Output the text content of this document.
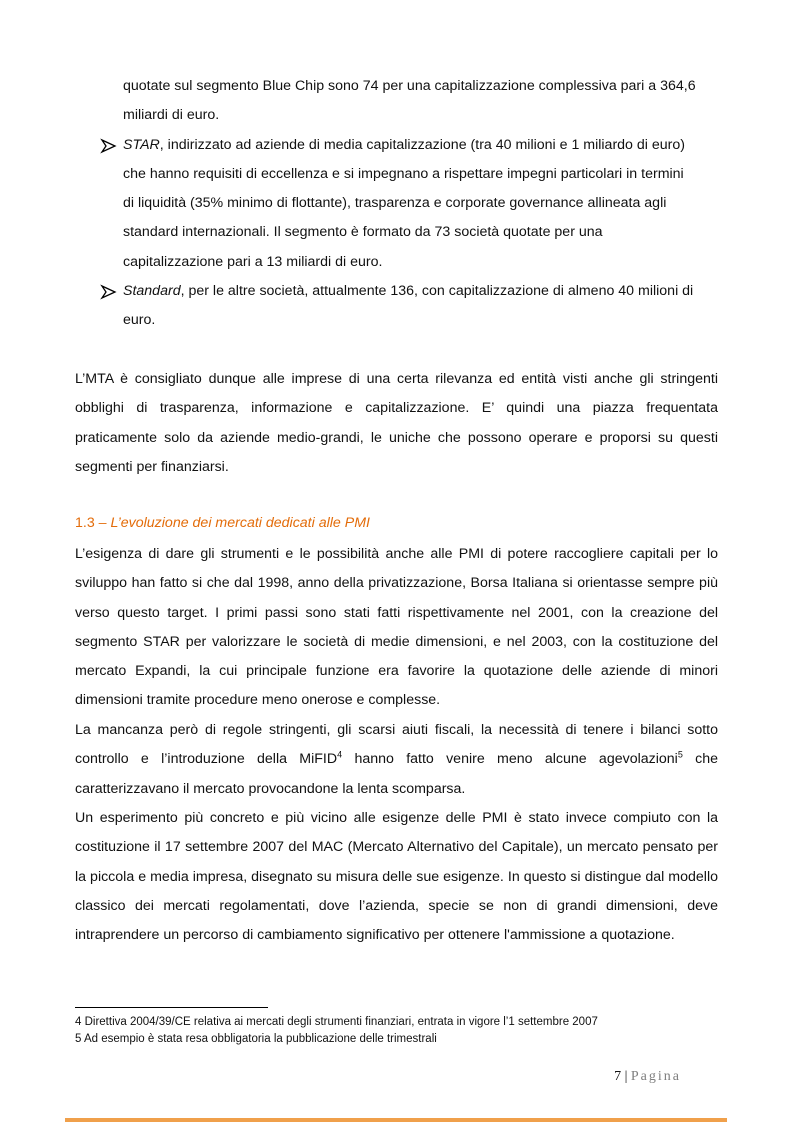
quotate sul segmento Blue Chip sono 74 per una capitalizzazione complessiva pari a 364,6
miliardi di euro.
STAR, indirizzato ad aziende di media capitalizzazione (tra 40 milioni e 1 miliardo di euro)
che hanno requisiti di eccellenza e si impegnano a rispettare impegni particolari in termini
di liquidità (35% minimo di flottante), trasparenza e corporate governance allineata agli
standard internazionali. Il segmento è formato da 73 società quotate per una
capitalizzazione pari a 13 miliardi di euro.
Standard, per le altre società, attualmente 136, con capitalizzazione di almeno 40 milioni di
euro.

L’MTA è consigliato dunque alle imprese di una certa rilevanza ed entità visti anche gli stringenti obblighi di trasparenza, informazione e capitalizzazione. E’ quindi una piazza frequentata praticamente solo da aziende medio-grandi, le uniche che possono operare e proporsi su questi segmenti per finanziarsi.

1.3 – L’evoluzione dei mercati dedicati alle PMI

L’esigenza di dare gli strumenti e le possibilità anche alle PMI di potere raccogliere capitali per lo sviluppo han fatto si che dal 1998, anno della privatizzazione, Borsa Italiana si orientasse sempre più verso questo target. I primi passi sono stati fatti rispettivamente nel 2001, con la creazione del segmento STAR per valorizzare le società di medie dimensioni, e nel 2003, con la costituzione del mercato Expandi, la cui principale funzione era favorire la quotazione delle aziende di minori dimensioni tramite procedure meno onerose e complesse.

La mancanza però di regole stringenti, gli scarsi aiuti fiscali, la necessità di tenere i bilanci sotto controllo e l’introduzione della MiFID$^4$ hanno fatto venire meno alcune agevolazioni$^5$ che caratterizzavano il mercato provocandone la lenta scomparsa.

Un esperimento più concreto e più vicino alle esigenze delle PMI è stato invece compiuto con la costituzione il 17 settembre 2007 del MAC (Mercato Alternativo del Capitale), un mercato pensato per la piccola e media impresa, disegnato su misura delle sue esigenze. In questo si distingue dal modello classico dei mercati regolamentati, dove l’azienda, specie se non di grandi dimensioni, deve intraprendere un percorso di cambiamento significativo per ottenere l'ammissione a quotazione.

4 Direttiva 2004/39/CE relativa ai mercati degli strumenti finanziari, entrata in vigore l’1 settembre 2007
5 Ad esempio è stata resa obbligatoria la pubblicazione delle trimestrali
7 | Pagina
